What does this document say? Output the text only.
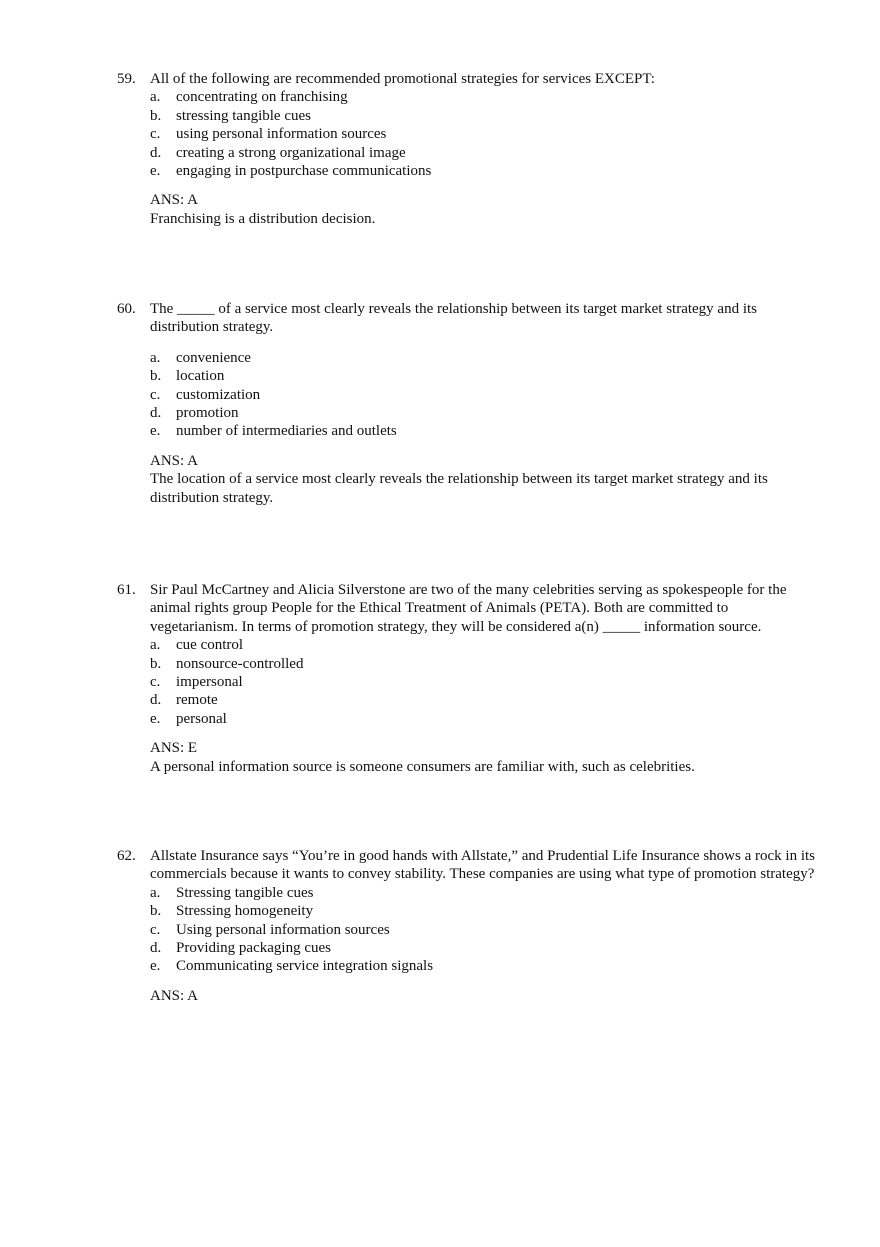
59. All of the following are recommended promotional strategies for services EXCEPT:
a.	concentrating on franchising
b. stressing tangible cues
c.	using personal information sources
d. creating a strong organizational image
e.	engaging in postpurchase communications
ANS: A
Franchising is a distribution decision.
60. The _____ of a service most clearly reveals the relationship between its target market strategy and its distribution strategy.
a.	convenience
b. location
c.	customization
d. promotion
e.	number of intermediaries and outlets
ANS: A
The location of a service most clearly reveals the relationship between its target market strategy and its distribution strategy.
61. Sir Paul McCartney and Alicia Silverstone are two of the many celebrities serving as spokespeople for the animal rights group People for the Ethical Treatment of Animals (PETA). Both are committed to vegetarianism. In terms of promotion strategy, they will be considered a(n) _____ information source.
a.	cue control
b. nonsource-controlled
c.	impersonal
d. remote
e.	personal
ANS: E
A personal information source is someone consumers are familiar with, such as celebrities.
62. Allstate Insurance says “You’re in good hands with Allstate,” and Prudential Life Insurance shows a rock in its commercials because it wants to convey stability. These companies are using what type of promotion strategy?
a.	Stressing tangible cues
b. Stressing homogeneity
c.	Using personal information sources
d. Providing packaging cues
e.	Communicating service integration signals
ANS: A
